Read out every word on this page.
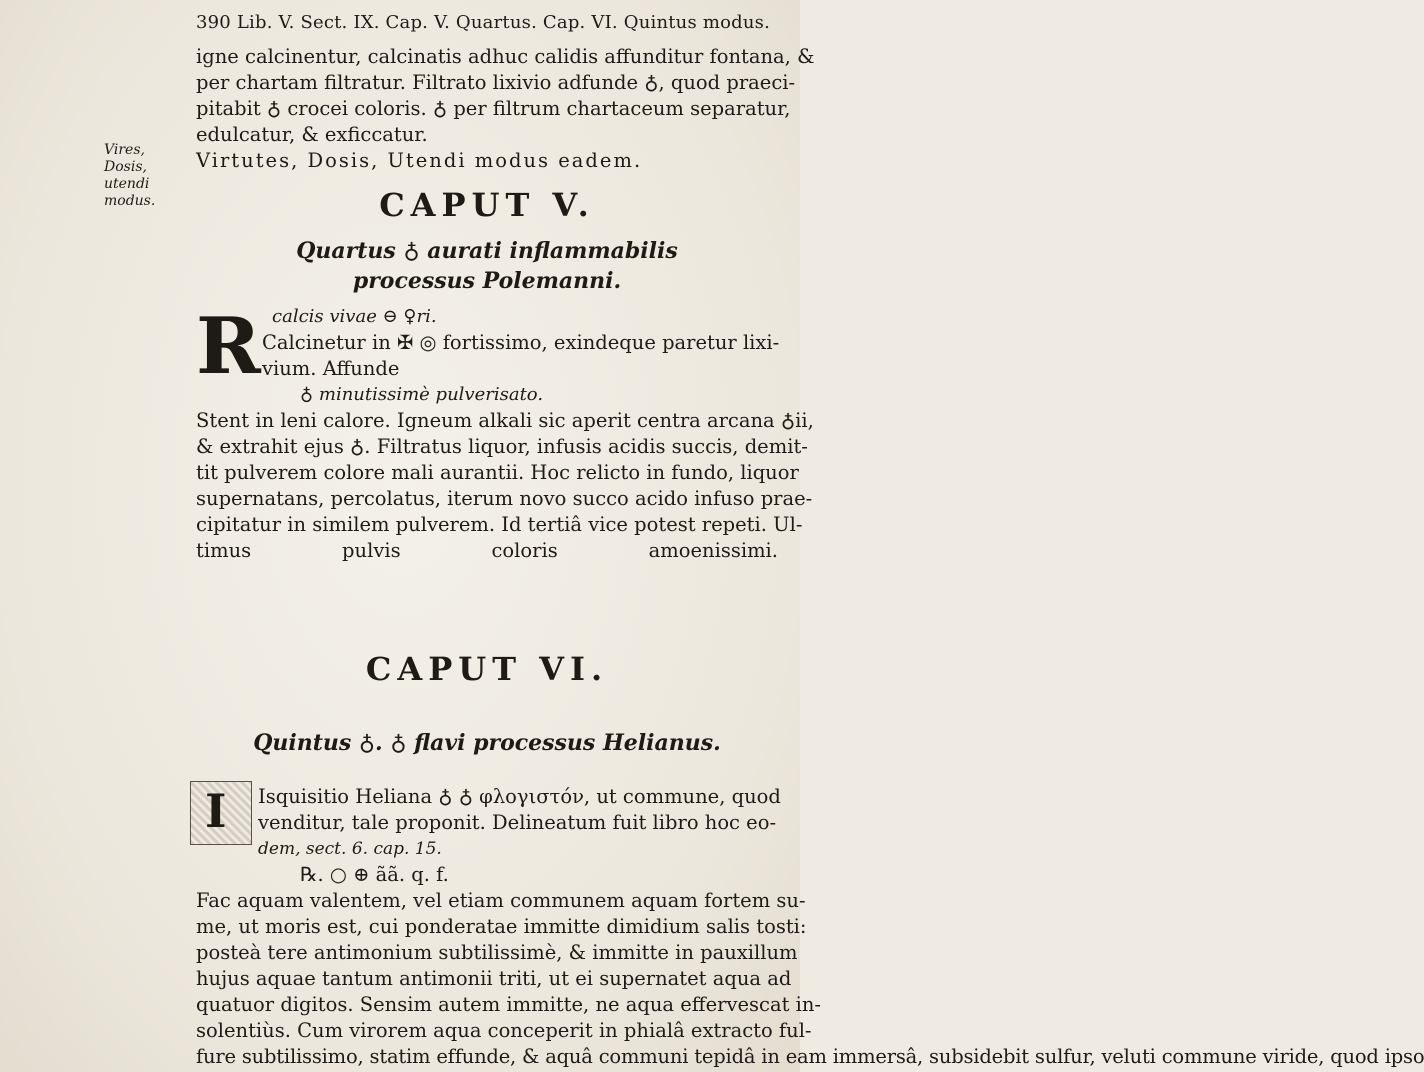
390 Lib. V. Sect. IX. Cap. V. Quartus. Cap. VI. Quintus modus.
igne calcinentur, calcinatis adhuc calidis affunditur fontana, &
per chartam filtratur. Filtrato lixivio adfunde ♁, quod praeci-
pitabit ♁ crocei coloris. ♁ per filtrum chartaceum separatur,
edulcatur, & exficcatur.
Virtutes, Dosis, Utendi modus eadem.
Vires, Dosis, utendi modus.	CAPUT V.
Quartus ♁ aurati inflammabilis
processus Polemanni.
R calcis vivae ⊖ ♀ri.
Calcinetur in ✠ ◎ fortissimo, exindeque paretur lixi-
vium. Affunde
♁ minutissimè pulverisato.
Stent in leni calore. Igneum alkali sic aperit centra arcana ♁ii,
& extrahit ejus ♁. Filtratus liquor, infusis acidis succis, demit-
tit pulverem colore mali aurantii. Hoc relicto in fundo, liquor
supernatans, percolatus, iterum novo succo acido infuso prae-
cipitatur in similem pulverem. Id tertiâ vice potest repeti. Ul-
timus pulvis coloris amoenissimi.
CAPUT VI.
Quintus ♁. ♁ flavi processus Helianus.
I Isquisitio Heliana ♁ ♁ φλογιστόν, ut commune, quod
venditur, tale proponit. Delineatum fuit libro hoc eo-
dem, sect. 6. cap. 15.
℞. ○ ⊕ ãã. q. f.
Fac aquam valentem, vel etiam communem aquam fortem su-
me, ut moris est, cui ponderatae immitte dimidium salis tosti:
posteà tere antimonium subtilissimè, & immitte in pauxillum
hujus aquae tantum antimonii triti, ut ei supernatet aqua ad
quatuor digitos. Sensim autem immitte, ne aqua effervescat in-
solentiùs. Cum virorem aqua conceperit in phialâ extracto ful-
fure subtilissimo, statim effunde, & aquâ communi tepidâ in eam immersâ, subsidebit sulfur, veluti commune viride, quod ipso
